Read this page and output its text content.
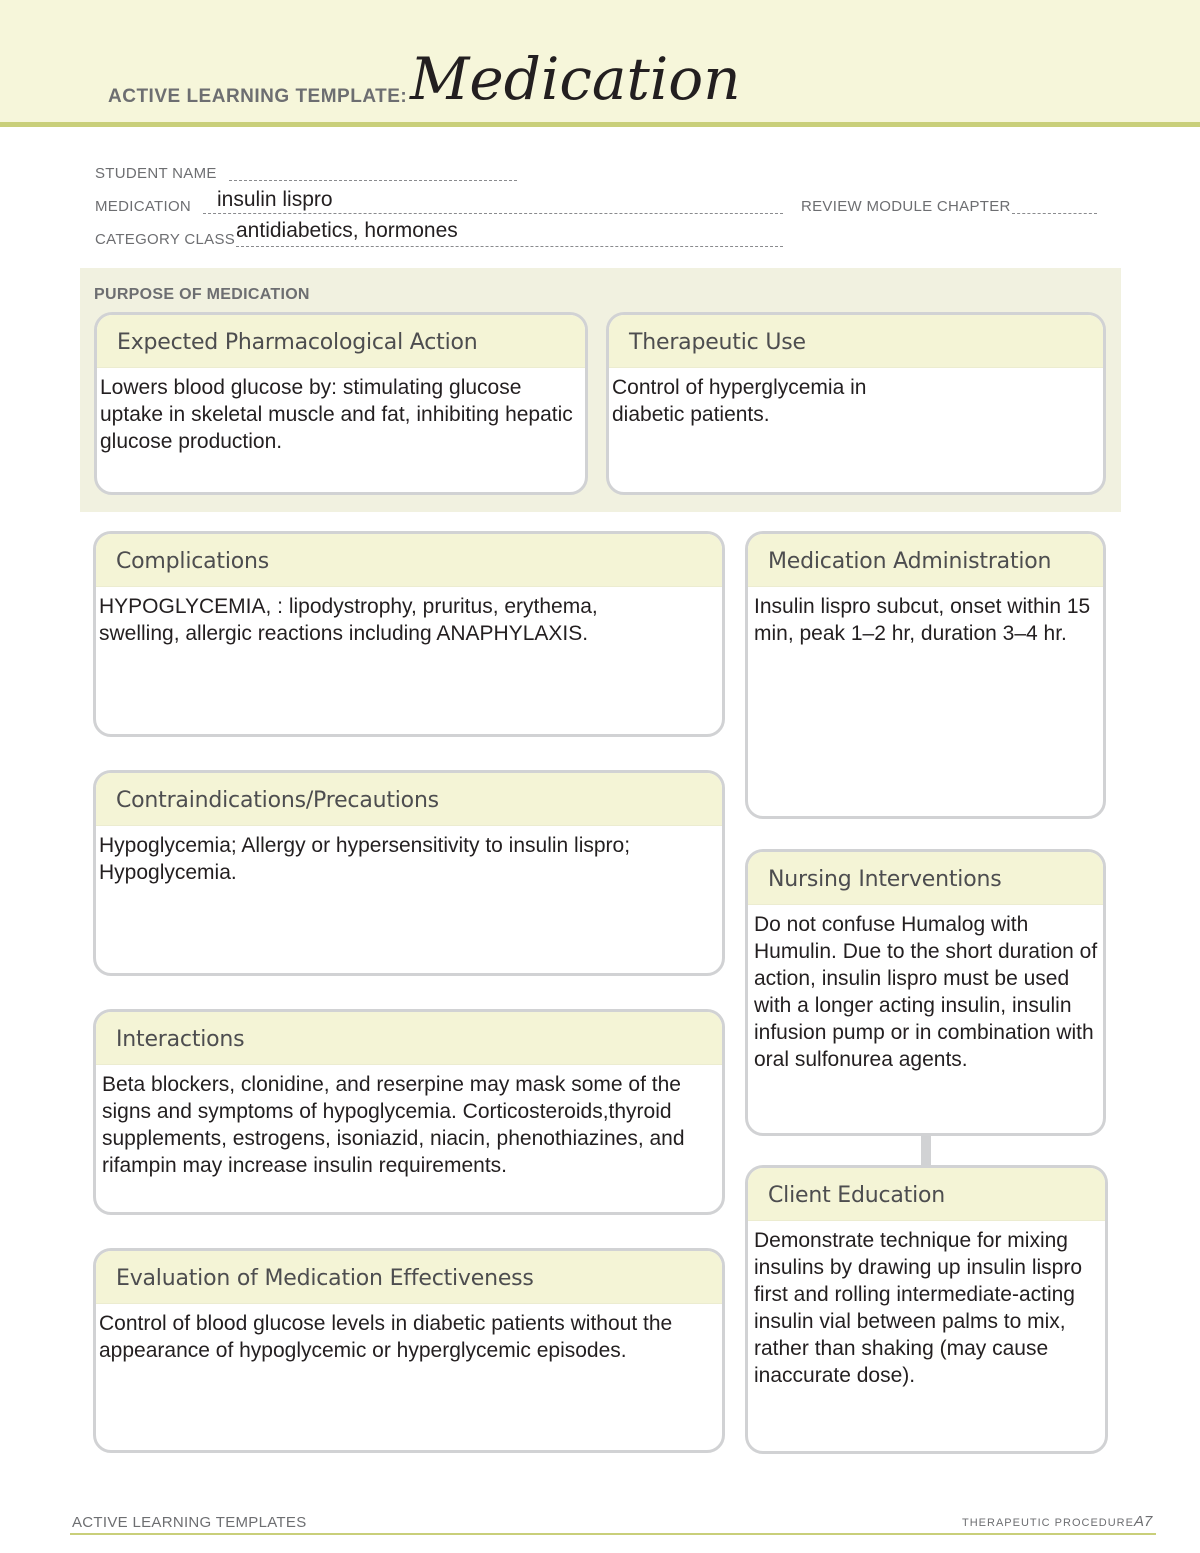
ACTIVE LEARNING TEMPLATE: Medication
STUDENT NAME
MEDICATION insulin lispro	REVIEW MODULE CHAPTER
CATEGORY CLASS antidiabetics, hormones
PURPOSE OF MEDICATION
Expected Pharmacological Action
Lowers blood glucose by: stimulating glucose uptake in skeletal muscle and fat, inhibiting hepatic glucose production.
Therapeutic Use
Control of hyperglycemia in diabetic patients.
Complications
HYPOGLYCEMIA, : lipodystrophy, pruritus, erythema, swelling, allergic reactions including ANAPHYLAXIS.
Contraindications/Precautions
Hypoglycemia; Allergy or hypersensitivity to insulin lispro; Hypoglycemia.
Interactions
Beta blockers, clonidine, and reserpine may mask some of the signs and symptoms of hypoglycemia. Corticosteroids,thyroid supplements, estrogens, isoniazid, niacin, phenothiazines, and rifampin may increase insulin requirements.
Evaluation of Medication Effectiveness
Control of blood glucose levels in diabetic patients without the appearance of hypoglycemic or hyperglycemic episodes.
Medication Administration
Insulin lispro subcut, onset within 15 min, peak 1–2 hr, duration 3–4 hr.
Nursing Interventions
Do not confuse Humalog with Humulin. Due to the short duration of action, insulin lispro must be used with a longer acting insulin, insulin infusion pump or in combination with oral sulfonurea agents.
Client Education
Demonstrate technique for mixing insulins by drawing up insulin lispro first and rolling intermediate-acting insulin vial between palms to mix, rather than shaking (may cause inaccurate dose).
ACTIVE LEARNING TEMPLATES	THERAPEUTIC PROCEDURE A7
